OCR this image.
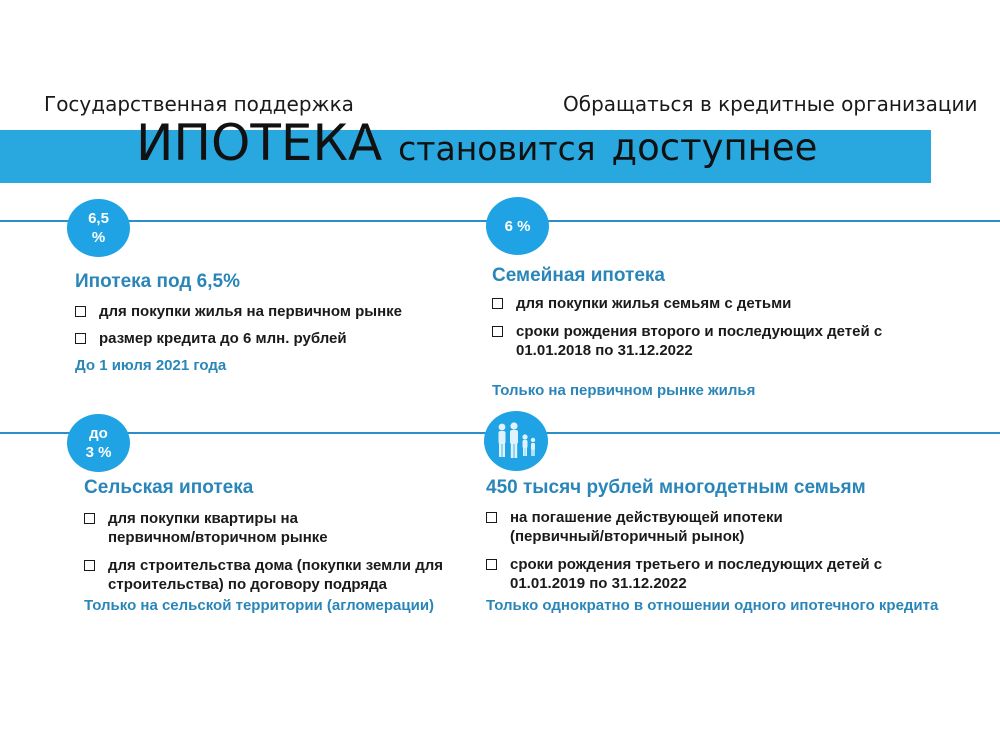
Государственная поддержка	Обращаться в кредитные организации
ИПОТЕКА становится доступнее
6,5 %
Ипотека под 6,5%
для покупки жилья на первичном рынке
размер кредита до 6 млн. рублей
До 1 июля 2021 года
6 %
Семейная ипотека
для покупки жилья семьям с детьми
сроки рождения второго и последующих детей с 01.01.2018 по 31.12.2022
Только на первичном рынке жилья
до 3 %
Сельская ипотека
для покупки квартиры на первичном/вторичном рынке
для строительства дома (покупки земли для строительства) по договору подряда
Только на сельской территории (агломерации)
450 тысяч рублей многодетным семьям
на погашение действующей ипотеки (первичный/вторичный рынок)
сроки рождения третьего и последующих детей с 01.01.2019 по 31.12.2022
Только однократно в отношении одного ипотечного кредита
